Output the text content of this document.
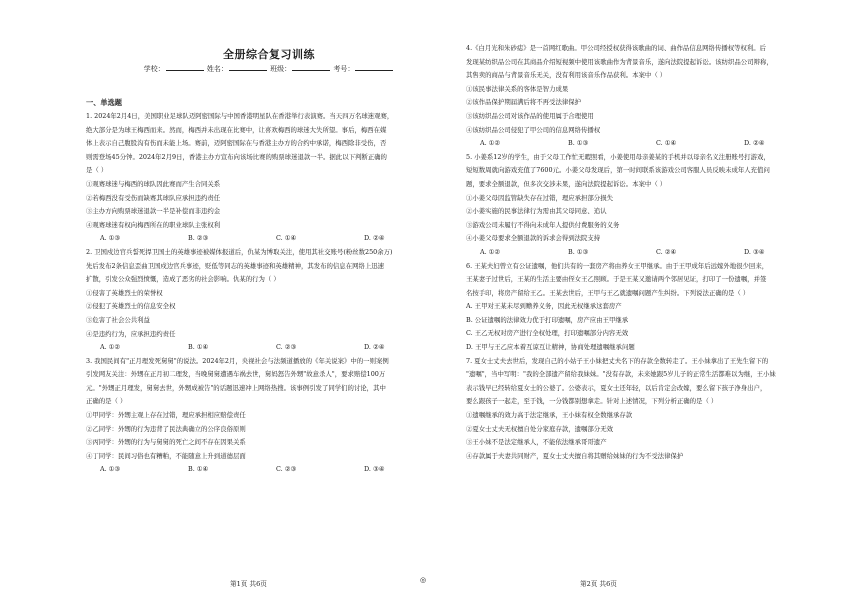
全册综合复习训练
学校：	姓名：	班级：	考号：
一、单选题

1. 2024年2月4日，美国职业足球队迈阿密国际与中国香港明星队在香港举行表演赛。当天四万名球迷观赛，

绝大部分是为球王梅西而来。然而，梅西并未出现在比赛中，让喜欢梅西的球迷大失所望。事后，梅西在媒

体上表示自己腹股沟有伤而未能上场。赛前，迈阿密国际在与香港主办方的合约中承诺，梅西除非受伤，否

则需登场45分钟。2024年2月9日，香港主办方宣布向该场比赛的购票球迷退款一半。据此以下判断正确的

是（ ）

①观赛球迷与梅西的球队因此赛而产生合同关系

②若梅西没有受伤而缺赛其球队应承担违约责任

③主办方向购票球迷退款一半是补偿而非违约金

④观赛球迷有权向梅西所在的职业球队主张权利

A. ①③	B. ②③	C. ①④	D. ②④

2. 卫国戍边官兵誓死捍卫国土的英雄事迹被媒体报道后，仇某为博取关注，使用其社交账号(粉丝数250余万)

先后发布2条信息歪曲卫国戍边官兵事迹，贬低等同志的英雄事迹和英雄精神，其发布的信息在网络上迅速

扩散，引发公众强烈愤慨，造成了恶劣的社会影响。仇某的行为（ ）

①侵害了英雄烈士的荣誉权

②侵犯了英雄烈士的信息安全权

③危害了社会公共利益

④是违约行为，应承担违约责任

A. ①②	B. ①④	C. ②③	D. ②④

3. 我国民间有"正月理发死舅舅"的说法。2024年2月，央视社会与法频道播放的《年关说案》中的一则案例

引发网友关注：外甥在正月初二理发，当晚舅舅遭遇车祸去世，舅妈怒告外甥"故意杀人"，要求赔偿100万

元。"外甥正月理发，舅舅去世，外甥成被告"的话题迅速冲上网络热搜。该事例引发了同学们的讨论，其中

正确的是（ ）

①甲同学：外甥主观上存在过错，理应承担相应赔偿责任

②乙同学：外甥的行为违背了民法典确立的公序良俗原则

③丙同学：外甥的行为与舅舅的死亡之间不存在因果关系

④丁同学：民间习俗也有糟粕，不能随意上升到道德层面

A. ①③	B. ①④	C. ②③	D. ③④

4.《白月光和朱砂痣》是一首网红歌曲。甲公司经授权获得该歌曲的词、曲作品信息网络传播权等权利。后

发现某纺织品公司在其商品介绍短视频中使用该歌曲作为背景音乐，遂向法院提起诉讼。该纺织品公司辩称，

其售卖的商品与背景音乐无关，没有利用该音乐作品获利。本案中（ ）

①该民事法律关系的客体是智力成果

②该作品保护期届满后将不再受法律保护

③该纺织品公司对该作品的使用属于合理使用

④该纺织品公司侵犯了甲公司的信息网络传播权

A. ①②	B. ①③	C. ①④	D. ②④

5. 小姜系12岁的学生，由于父母工作忙无暇照看，小姜使用母亲姜某的手机并以母亲名义注册账号打游戏，

短短数周就向游戏充值了7600元。小姜父母发现后，第一时间联系该游戏公司客服人员反映未成年人充值问

题，要求全额退款，但多次交涉未果，遂向法院提起诉讼。本案中（ ）

①小姜父母因监管缺失存在过错，理应承担部分损失

②小姜实施的民事法律行为需由其父母同意、追认

③游戏公司未履行不得向未成年人提供付费服务的义务

④小姜父母要求全额退款的诉求会得到法院支持

A. ①②	B. ①③	C. ②④	D. ③④

6. 王某夫妇曾立有公证遗嘱，他们共有的一套房产将由养女王甲继承。由于王甲成年后远嫁外地很少回来，

王某妻子过世后，王某的生活主要由侄女王乙照顾。于是王某又邀请两个邻居见证，打印了一份遗嘱，并签

名按手印，将房产留给王乙。王某去世后，王甲与王乙就遗嘱问题产生纠纷。下列说法正确的是（ ）

A. 王甲对王某未尽到赡养义务，因此无权继承这套房产

B. 公证遗嘱的法律效力优于打印遗嘱，房产应由王甲继承

C. 王乙无权对房产进行全权处理，打印遗嘱部分内容无效

D. 王甲与王乙应本着互谅互让精神，协商处理遗嘱继承问题

7. 夏女士丈夫去世后，发现自己的小姑子王小妹把丈夫名下的存款全数转走了。王小妹拿出了王先生留下的

"遗嘱"，当中写明："我的全部遗产留给我妹妹。"没有存款，未来她跟5岁儿子的正常生活都难以为继，王小妹

表示钱早已经转给夏女士的公婆了。公婆表示，夏女士还年轻，以后肯定会改嫁，要么留下孩子净身出户，

要么跟孩子一起走，至于钱，一分钱都别想拿走。针对上述情况，下列分析正确的是（ ）

①遗嘱继承的效力高于法定继承，王小妹有权全数继承存款

②夏女士丈夫无权擅自处分家庭存款，遗嘱部分无效

③王小妹不是法定继承人，不能依法继承哥哥遗产

④存款属于夫妻共同财产，夏女士丈夫擅自将其赠给妹妹的行为不受法律保护

第1页 共6页	◎	第2页 共6页
